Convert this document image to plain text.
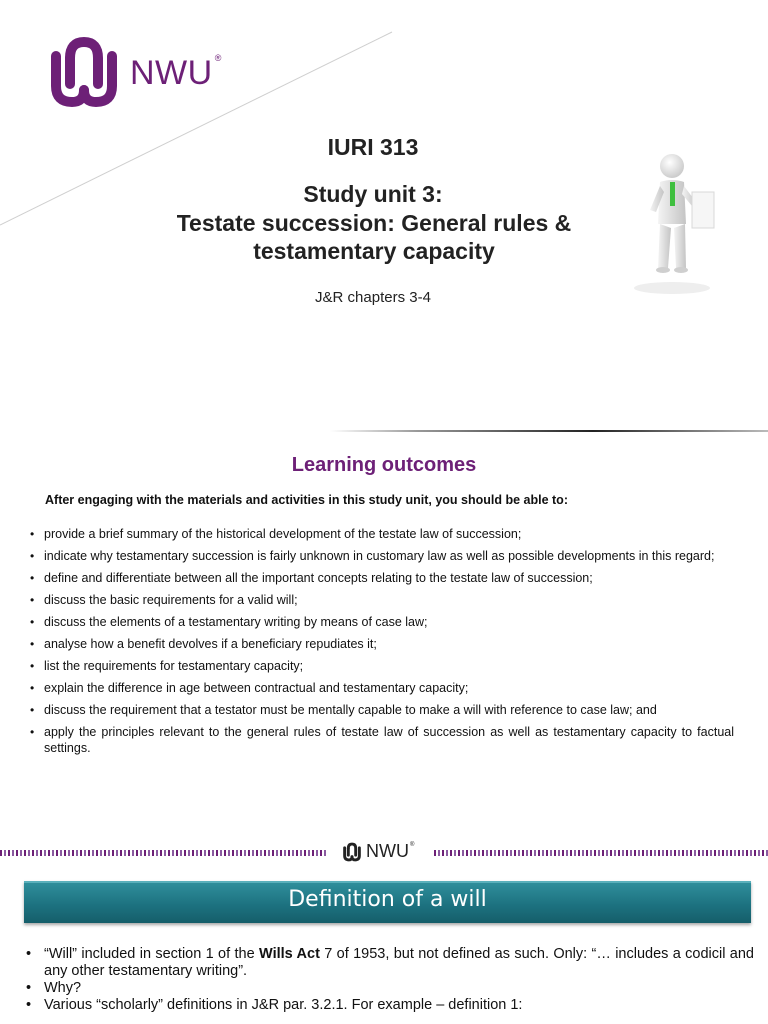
NWU ®
IURI 313
Study unit 3:
Testate succession: General rules & testamentary capacity
J&R chapters 3-4
Learning outcomes
After engaging with the materials and activities in this study unit, you should be able to:
• provide a brief summary of the historical development of the testate law of succession;
• indicate why testamentary succession is fairly unknown in customary law as well as possible developments in this regard;
• define and differentiate between all the important concepts relating to the testate law of succession;
• discuss the basic requirements for a valid will;
• discuss the elements of a testamentary writing by means of case law;
• analyse how a benefit devolves if a beneficiary repudiates it;
• list the requirements for testamentary capacity;
• explain the difference in age between contractual and testamentary capacity;
• discuss the requirement that a testator must be mentally capable to make a will with reference to case law; and
• apply the principles relevant to the general rules of testate law of succession as well as testamentary capacity to factual settings.
NWU ®
Definition of a will
• “Will” included in section 1 of the Wills Act 7 of 1953, but not defined as such. Only: “… includes a codicil and any other testamentary writing”.
• Why?
• Various “scholarly” definitions in J&R par. 3.2.1. For example – definition 1:
